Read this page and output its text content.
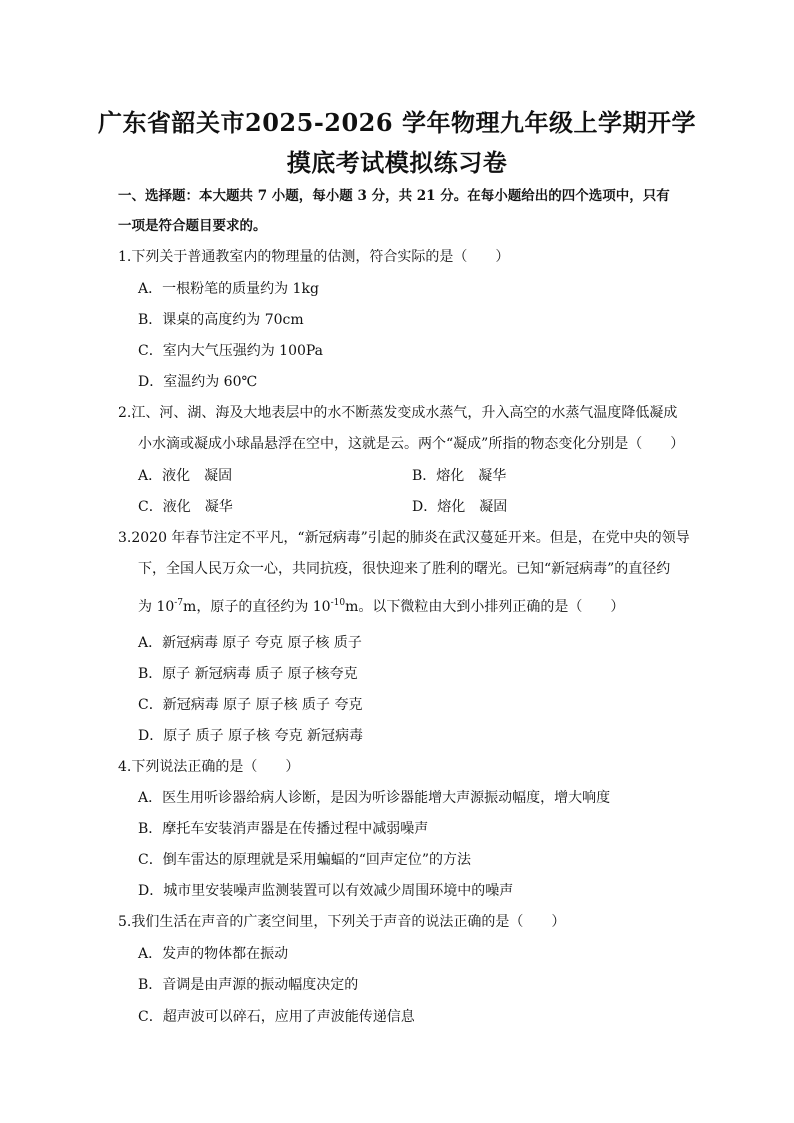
广东省韶关市2025-2026 学年物理九年级上学期开学
摸底考试模拟练习卷
一、选择题：本大题共 7 小题，每小题 3 分，共 21 分。在每小题给出的四个选项中，只有
一项是符合题目要求的。
1.下列关于普通教室内的物理量的估测，符合实际的是（　　）
A．一根粉笔的质量约为 1kg
B．课桌的高度约为 70cm
C．室内大气压强约为 100Pa
D．室温约为 60℃
2.江、河、湖、海及大地表层中的水不断蒸发变成水蒸气，升入高空的水蒸气温度降低凝成
小水滴或凝成小球晶悬浮在空中，这就是云。两个“凝成”所指的物态变化分别是（　　）
A．液化　凝固	B．熔化　凝华
C．液化　凝华	D．熔化　凝固
3.2020 年春节注定不平凡，“新冠病毒”引起的肺炎在武汉蔓延开来。但是，在党中央的领导
下，全国人民万众一心，共同抗疫，很快迎来了胜利的曙光。已知“新冠病毒”的直径约
为 $10^{-7}m$，原子的直径约为 $10^{-10}m$。以下微粒由大到小排列正确的是（　　）
A．新冠病毒 原子 夸克 原子核 质子
B．原子 新冠病毒 质子 原子核夸克
C．新冠病毒 原子 原子核 质子 夸克
D．原子 质子 原子核 夸克 新冠病毒
4.下列说法正确的是（　　）
A．医生用听诊器给病人诊断，是因为听诊器能增大声源振动幅度，增大响度
B．摩托车安装消声器是在传播过程中减弱噪声
C．倒车雷达的原理就是采用蝙蝠的“回声定位”的方法
D．城市里安装噪声监测装置可以有效减少周围环境中的噪声
5.我们生活在声音的广袤空间里，下列关于声音的说法正确的是（　　）
A．发声的物体都在振动
B．音调是由声源的振动幅度决定的
C．超声波可以碎石，应用了声波能传递信息
